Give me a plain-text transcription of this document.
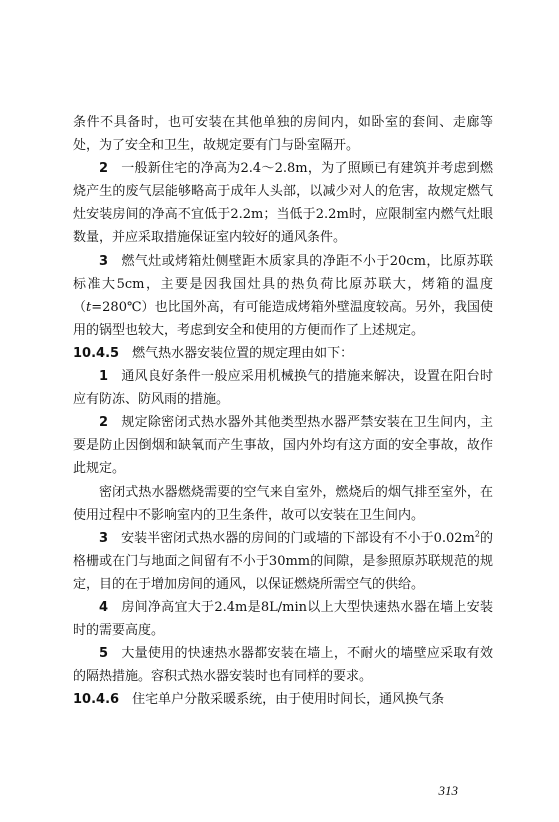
条件不具备时，也可安装在其他单独的房间内，如卧室的套间、走廊等处，为了安全和卫生，故规定要有门与卧室隔开。

2  一般新住宅的净高为2.4～2.8m，为了照顾已有建筑并考虑到燃烧产生的废气层能够略高于成年人头部，以减少对人的危害，故规定燃气灶安装房间的净高不宜低于2.2m；当低于2.2m时，应限制室内燃气灶眼数量，并应采取措施保证室内较好的通风条件。

3  燃气灶或烤箱灶侧壁距木质家具的净距不小于20cm，比原苏联标准大5cm，主要是因我国灶具的热负荷比原苏联大，烤箱的温度（t=280℃）也比国外高，有可能造成烤箱外壁温度较高。另外，我国使用的锅型也较大，考虑到安全和使用的方便而作了上述规定。

10.4.5  燃气热水器安装位置的规定理由如下：

1  通风良好条件一般应采用机械换气的措施来解决，设置在阳台时应有防冻、防风雨的措施。

2  规定除密闭式热水器外其他类型热水器严禁安装在卫生间内，主要是防止因倒烟和缺氧而产生事故，国内外均有这方面的安全事故，故作此规定。

密闭式热水器燃烧需要的空气来自室外，燃烧后的烟气排至室外，在使用过程中不影响室内的卫生条件，故可以安装在卫生间内。

3  安装半密闭式热水器的房间的门或墙的下部设有不小于$0.02m^2$的格栅或在门与地面之间留有不小于30mm的间隙，是参照原苏联规范的规定，目的在于增加房间的通风，以保证燃烧所需空气的供给。

4  房间净高宜大于2.4m是8L/min以上大型快速热水器在墙上安装时的需要高度。

5  大量使用的快速热水器都安装在墙上，不耐火的墙壁应采取有效的隔热措施。容积式热水器安装时也有同样的要求。

10.4.6  住宅单户分散采暖系统，由于使用时间长，通风换气条

313
